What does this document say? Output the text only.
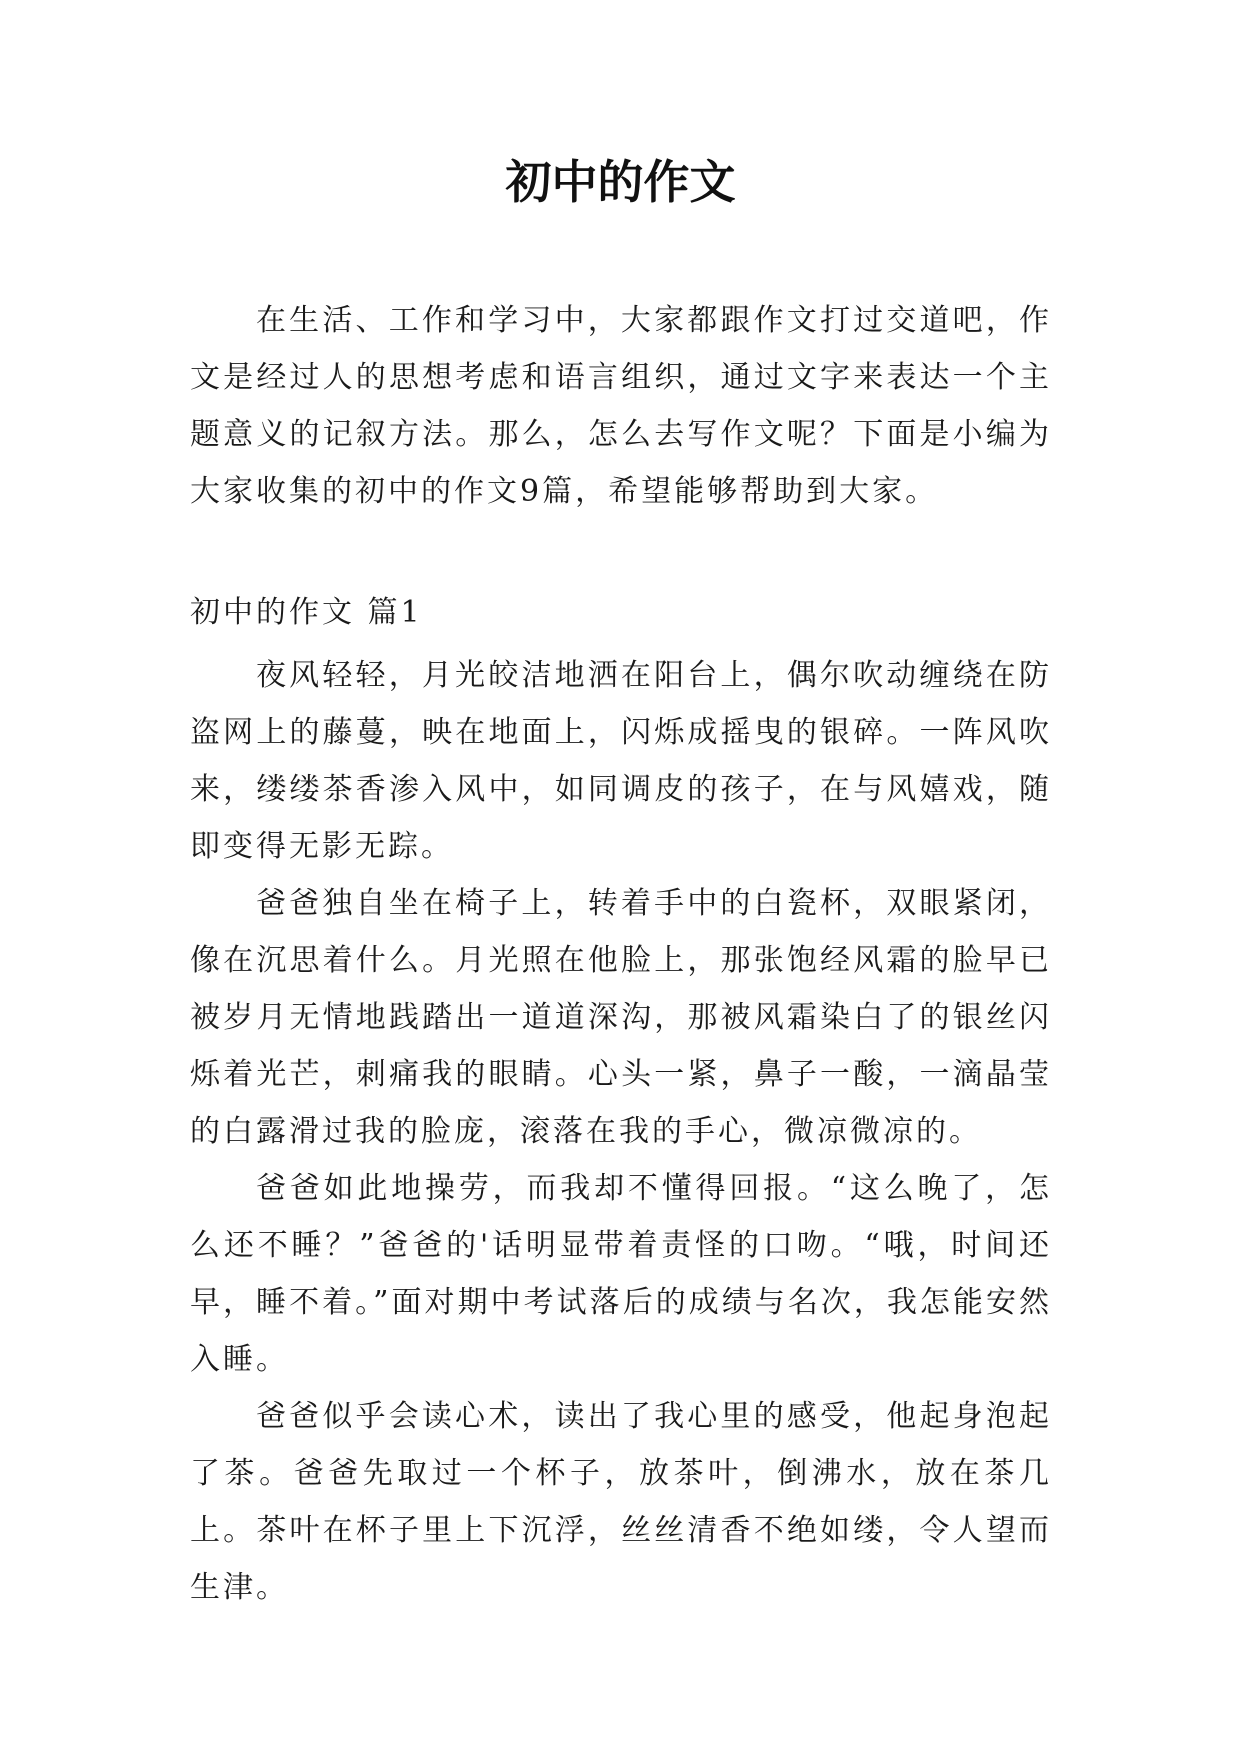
初中的作文

在生活、工作和学习中，大家都跟作文打过交道吧，作文是经过人的思想考虑和语言组织，通过文字来表达一个主题意义的记叙方法。那么，怎么去写作文呢？下面是小编为大家收集的初中的作文9篇，希望能够帮助到大家。

初中的作文 篇1

夜风轻轻，月光皎洁地洒在阳台上，偶尔吹动缠绕在防盗网上的藤蔓，映在地面上，闪烁成摇曳的银碎。一阵风吹来，缕缕茶香渗入风中，如同调皮的孩子，在与风嬉戏，随即变得无影无踪。

爸爸独自坐在椅子上，转着手中的白瓷杯，双眼紧闭，像在沉思着什么。月光照在他脸上，那张饱经风霜的脸早已被岁月无情地践踏出一道道深沟，那被风霜染白了的银丝闪烁着光芒，刺痛我的眼睛。心头一紧，鼻子一酸，一滴晶莹的白露滑过我的脸庞，滚落在我的手心，微凉微凉的。

爸爸如此地操劳，而我却不懂得回报。“这么晚了，怎么还不睡？”爸爸的'话明显带着责怪的口吻。“哦，时间还早，睡不着。”面对期中考试落后的成绩与名次，我怎能安然入睡。

爸爸似乎会读心术，读出了我心里的感受，他起身泡起了茶。爸爸先取过一个杯子，放茶叶，倒沸水，放在茶几上。茶叶在杯子里上下沉浮，丝丝清香不绝如缕，令人望而生津。
